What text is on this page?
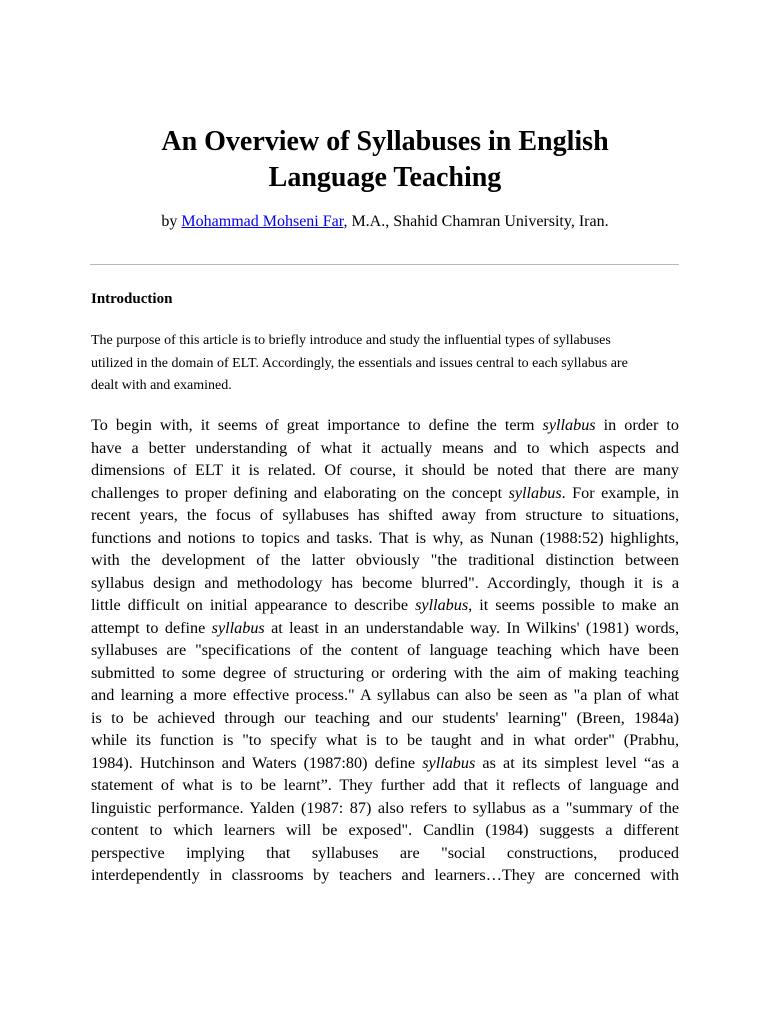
An Overview of Syllabuses in English
Language Teaching
by Mohammad Mohseni Far, M.A., Shahid Chamran University, Iran.
Introduction
The purpose of this article is to briefly introduce and study the influential types of syllabuses
utilized in the domain of ELT. Accordingly, the essentials and issues central to each syllabus are
dealt with and examined.
To begin with, it seems of great importance to define the term syllabus in order to
have a better understanding of what it actually means and to which aspects and
dimensions of ELT it is related. Of course, it should be noted that there are many
challenges to proper defining and elaborating on the concept syllabus. For example, in
recent years, the focus of syllabuses has shifted away from structure to situations,
functions and notions to topics and tasks. That is why, as Nunan (1988:52) highlights,
with the development of the latter obviously "the traditional distinction between
syllabus design and methodology has become blurred". Accordingly, though it is a
little difficult on initial appearance to describe syllabus, it seems possible to make an
attempt to define syllabus at least in an understandable way. In Wilkins' (1981) words,
syllabuses are "specifications of the content of language teaching which have been
submitted to some degree of structuring or ordering with the aim of making teaching
and learning a more effective process." A syllabus can also be seen as "a plan of what
is to be achieved through our teaching and our students' learning" (Breen, 1984a)
while its function is "to specify what is to be taught and in what order" (Prabhu,
1984). Hutchinson and Waters (1987:80) define syllabus as at its simplest level “as a
statement of what is to be learnt”. They further add that it reflects of language and
linguistic performance. Yalden (1987: 87) also refers to syllabus as a "summary of the
content to which learners will be exposed". Candlin (1984) suggests a different
perspective implying that syllabuses are "social constructions, produced
interdependently in classrooms by teachers and learners…They are concerned with
